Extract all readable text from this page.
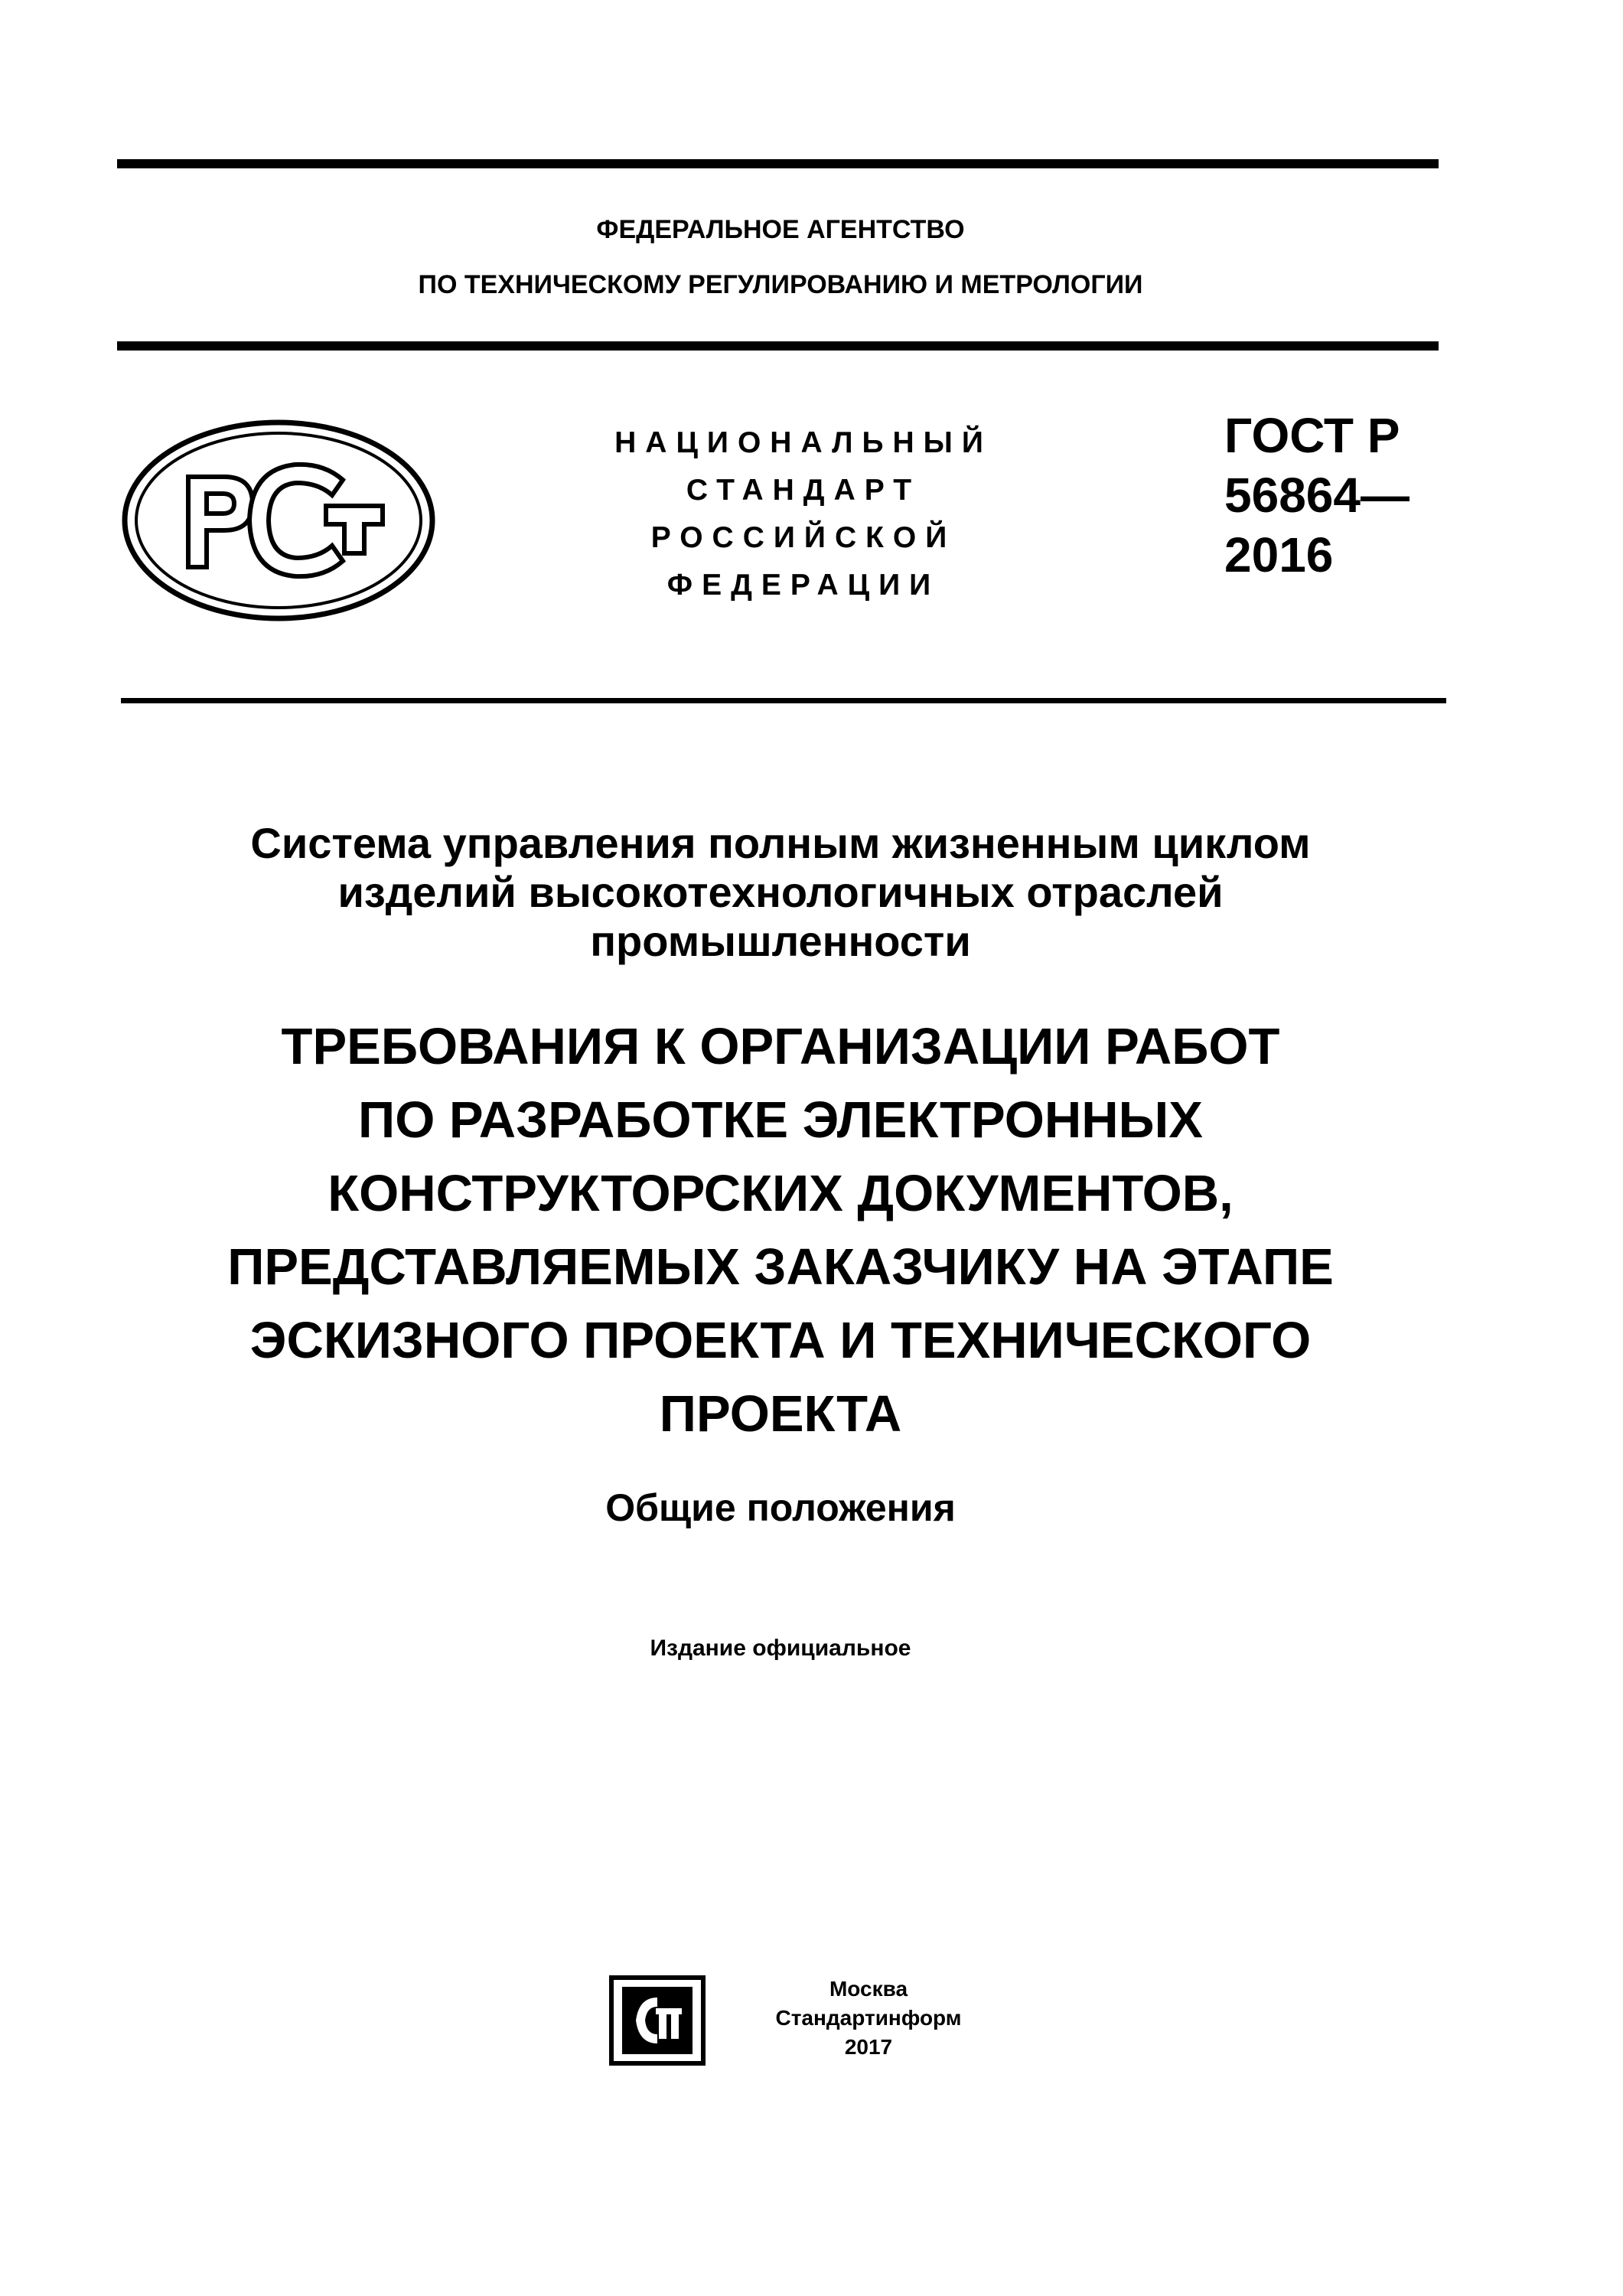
ФЕДЕРАЛЬНОЕ АГЕНТСТВО
ПО ТЕХНИЧЕСКОМУ РЕГУЛИРОВАНИЮ И МЕТРОЛОГИИ
НАЦИОНАЛЬНЫЙ
СТАНДАРТ
РОССИЙСКОЙ
ФЕДЕРАЦИИ
ГОСТ Р
56864—
2016
Система управления полным жизненным циклом
изделий высокотехнологичных отраслей
промышленности
ТРЕБОВАНИЯ К ОРГАНИЗАЦИИ РАБОТ
ПО РАЗРАБОТКЕ ЭЛЕКТРОННЫХ
КОНСТРУКТОРСКИХ ДОКУМЕНТОВ,
ПРЕДСТАВЛЯЕМЫХ ЗАКАЗЧИКУ НА ЭТАПЕ
ЭСКИЗНОГО ПРОЕКТА И ТЕХНИЧЕСКОГО
ПРОЕКТА
Общие положения
Издание официальное
Москва
Стандартинформ
2017
